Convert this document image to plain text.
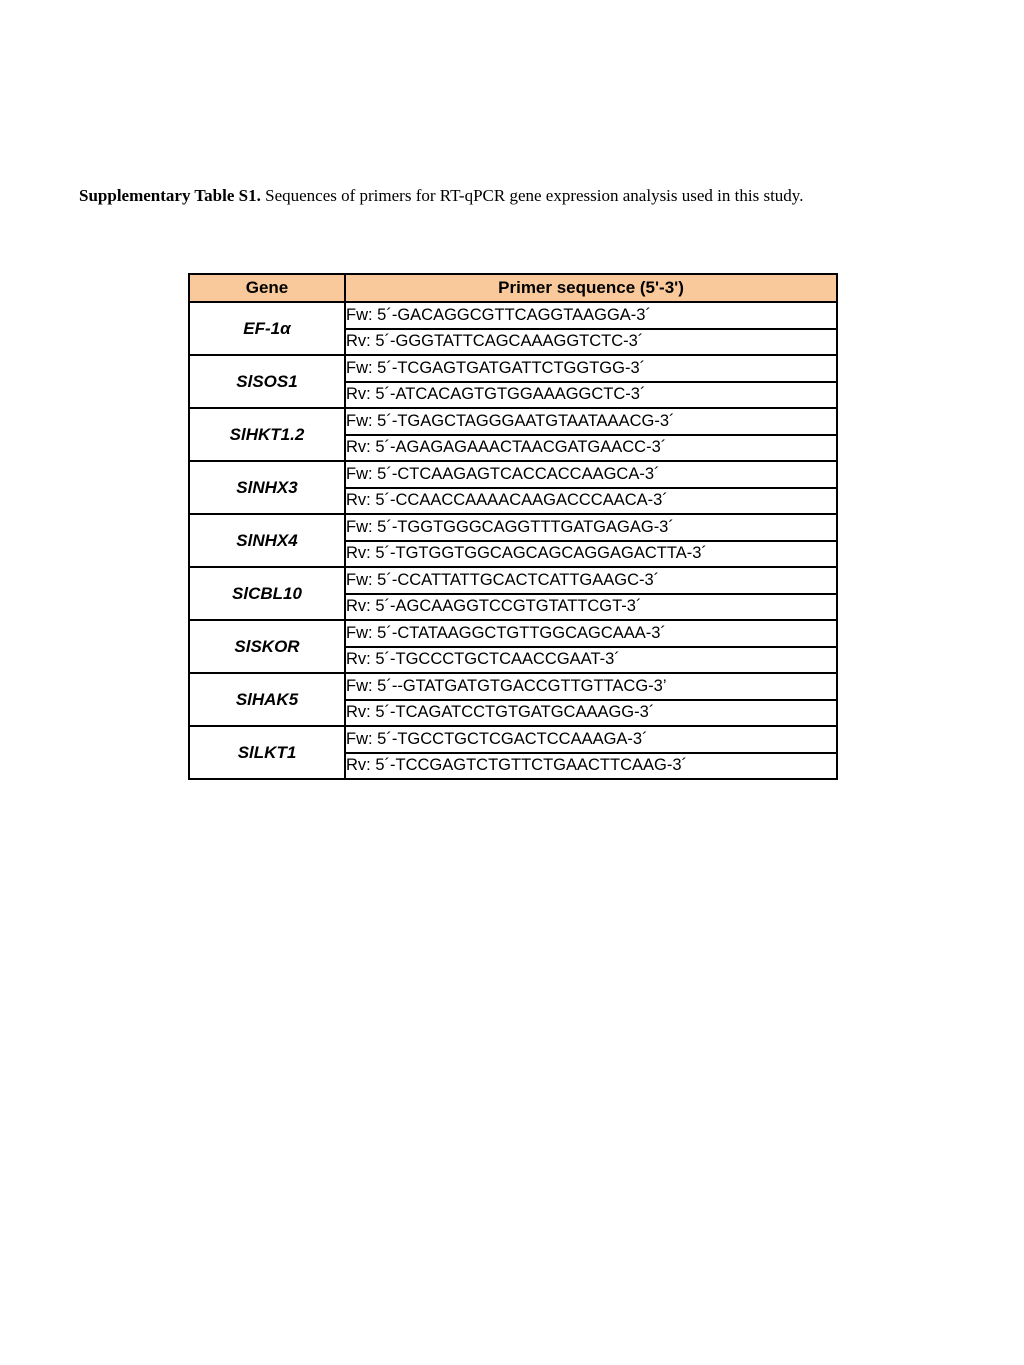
Supplementary Table S1. Sequences of primers for RT-qPCR gene expression analysis used in this study.
Gene	Primer sequence (5'-3')
EF-1α	Fw: 5´-GACAGGCGTTCAGGTAAGGA-3´
	Rv: 5´-GGGTATTCAGCAAAGGTCTC-3´
SlSOS1	Fw: 5´-TCGAGTGATGATTCTGGTGG-3´
	Rv: 5´-ATCACAGTGTGGAAAGGCTC-3´
SlHKT1.2	Fw: 5´-TGAGCTAGGGAATGTAATAAACG-3´
	Rv: 5´-AGAGAGAAACTAACGATGAACC-3´
SlNHX3	Fw: 5´-CTCAAGAGTCACCACCAAGCA-3´
	Rv: 5´-CCAACCAAAACAAGACCCAACA-3´
SlNHX4	Fw: 5´-TGGTGGGCAGGTTTGATGAGAG-3´
	Rv: 5´-TGTGGTGGCAGCAGCAGGAGACTTA-3´
SlCBL10	Fw: 5´-CCATTATTGCACTCATTGAAGC-3´
	Rv: 5´-AGCAAGGTCCGTGTATTCGT-3´
SlSKOR	Fw: 5´-CTATAAGGCTGTTGGCAGCAAA-3´
	Rv: 5´-TGCCCTGCTCAACCGAAT-3´
SlHAK5	Fw: 5´--GTATGATGTGACCGTTGTTACG-3’
	Rv: 5´-TCAGATCCTGTGATGCAAAGG-3´
SlLKT1	Fw: 5´-TGCCTGCTCGACTCCAAAGA-3´
	Rv: 5´-TCCGAGTCTGTTCTGAACTTCAAG-3´
